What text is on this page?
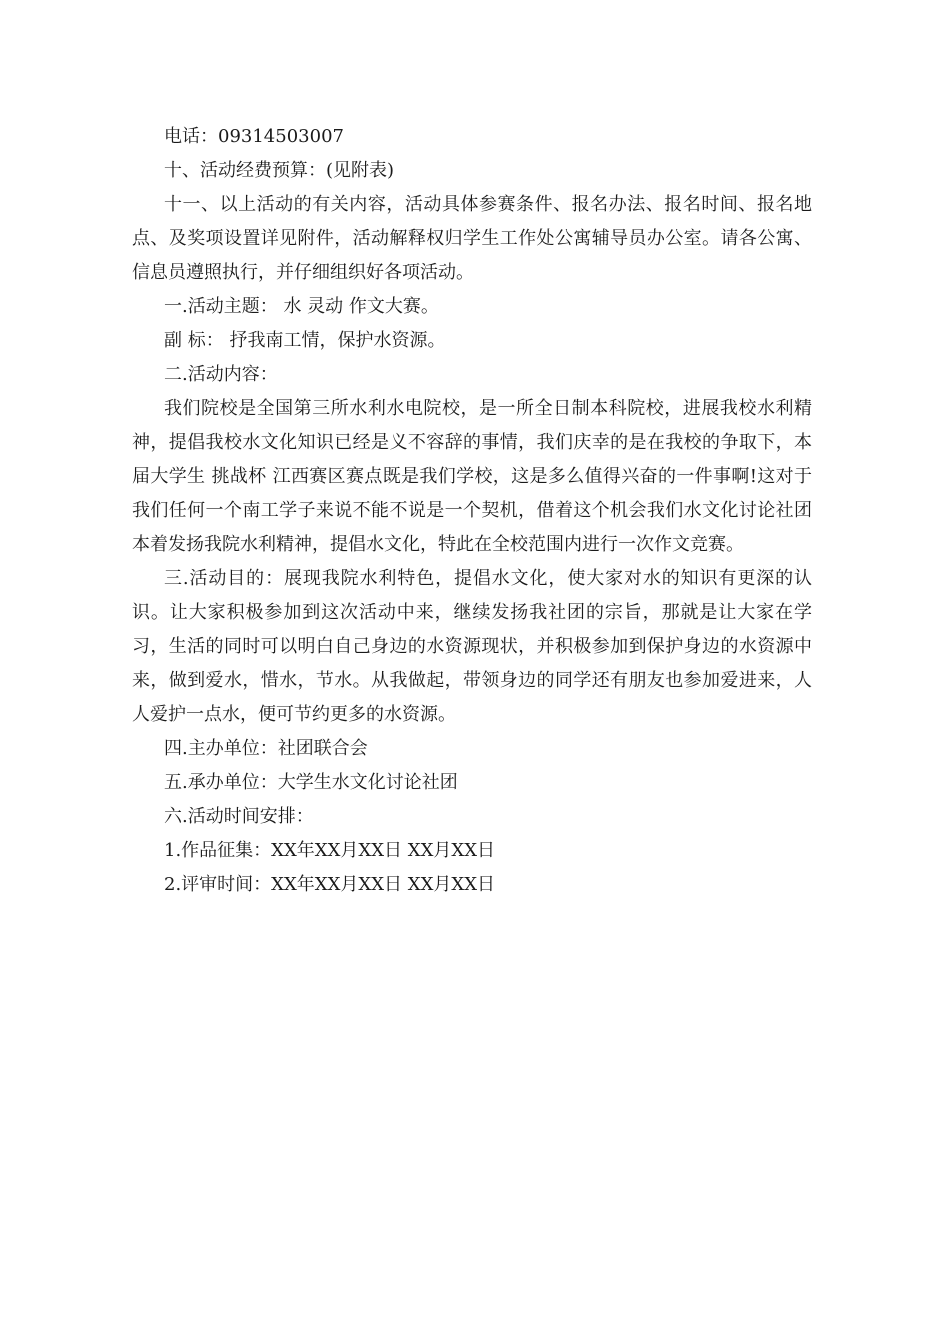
电话：09314503007
十、活动经费预算：(见附表)

十一、以上活动的有关内容，活动具体参赛条件、报名办法、报名时间、报名地点、及奖项设置详见附件，活动解释权归学生工作处公寓辅导员办公室。请各公寓、信息员遵照执行，并仔细组织好各项活动。

一.活动主题： 水 灵动 作文大赛。
副 标： 抒我南工情，保护水资源。
二.活动内容：

我们院校是全国第三所水利水电院校，是一所全日制本科院校，进展我校水利精神，提倡我校水文化知识已经是义不容辞的事情，我们庆幸的是在我校的争取下，本届大学生 挑战杯 江西赛区赛点既是我们学校，这是多么值得兴奋的一件事啊!这对于我们任何一个南工学子来说不能不说是一个契机，借着这个机会我们水文化讨论社团本着发扬我院水利精神，提倡水文化，特此在全校范围内进行一次作文竞赛。

三.活动目的：展现我院水利特色，提倡水文化，使大家对水的知识有更深的认识。让大家积极参加到这次活动中来，继续发扬我社团的宗旨，那就是让大家在学习，生活的同时可以明白自己身边的水资源现状，并积极参加到保护身边的水资源中来，做到爱水，惜水，节水。从我做起，带领身边的同学还有朋友也参加爱进来，人人爱护一点水，便可节约更多的水资源。

四.主办单位：社团联合会
五.承办单位：大学生水文化讨论社团
六.活动时间安排：
1.作品征集：XX年XX月XX日 XX月XX日
2.评审时间：XX年XX月XX日 XX月XX日
